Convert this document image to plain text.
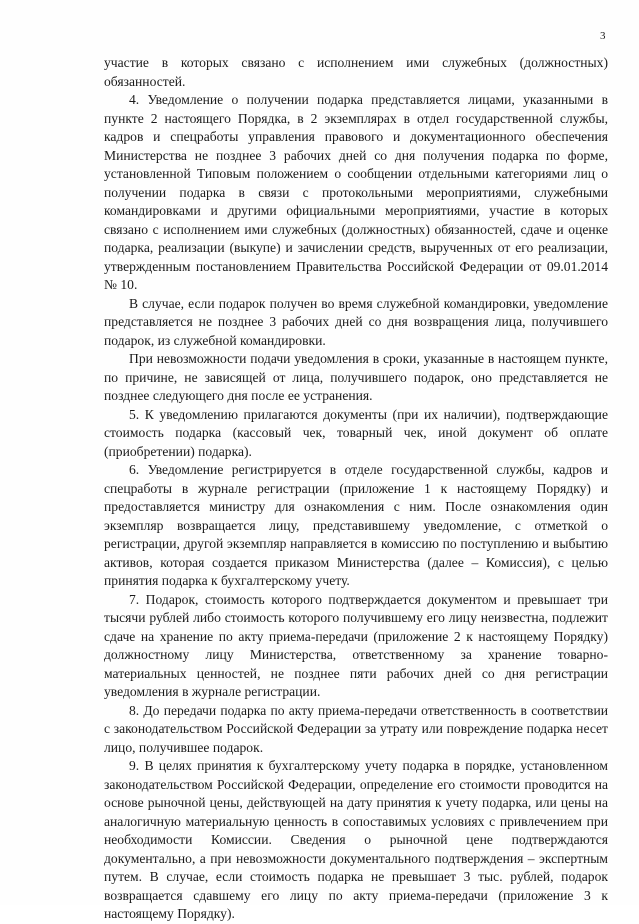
3

участие в которых связано с исполнением ими служебных (должностных) обязанностей.

4. Уведомление о получении подарка представляется лицами, указанными в пункте 2 настоящего Порядка, в 2 экземплярах в отдел государственной службы, кадров и спецработы управления правового и документационного обеспечения Министерства не позднее 3 рабочих дней со дня получения подарка по форме, установленной Типовым положением о сообщении отдельными категориями лиц о получении подарка в связи с протокольными мероприятиями, служебными командировками и другими официальными мероприятиями, участие в которых связано с исполнением ими служебных (должностных) обязанностей, сдаче и оценке подарка, реализации (выкупе) и зачислении средств, вырученных от его реализации, утвержденным постановлением Правительства Российской Федерации от 09.01.2014 № 10.

В случае, если подарок получен во время служебной командировки, уведомление представляется не позднее 3 рабочих дней со дня возвращения лица, получившего подарок, из служебной командировки.

При невозможности подачи уведомления в сроки, указанные в настоящем пункте, по причине, не зависящей от лица, получившего подарок, оно представляется не позднее следующего дня после ее устранения.

5. К уведомлению прилагаются документы (при их наличии), подтверждающие стоимость подарка (кассовый чек, товарный чек, иной документ об оплате (приобретении) подарка).

6. Уведомление регистрируется в отделе государственной службы, кадров и спецработы в журнале регистрации (приложение 1 к настоящему Порядку) и предоставляется министру для ознакомления с ним. После ознакомления один экземпляр возвращается лицу, представившему уведомление, с отметкой о регистрации, другой экземпляр направляется в комиссию по поступлению и выбытию активов, которая создается приказом Министерства (далее – Комиссия), с целью принятия подарка к бухгалтерскому учету.

7. Подарок, стоимость которого подтверждается документом и превышает три тысячи рублей либо стоимость которого получившему его лицу неизвестна, подлежит сдаче на хранение по акту приема-передачи (приложение 2 к настоящему Порядку) должностному лицу Министерства, ответственному за хранение товарно-материальных ценностей, не позднее пяти рабочих дней со дня регистрации уведомления в журнале регистрации.

8. До передачи подарка по акту приема-передачи ответственность в соответствии с законодательством Российской Федерации за утрату или повреждение подарка несет лицо, получившее подарок.

9. В целях принятия к бухгалтерскому учету подарка в порядке, установленном законодательством Российской Федерации, определение его стоимости проводится на основе рыночной цены, действующей на дату принятия к учету подарка, или цены на аналогичную материальную ценность в сопоставимых условиях с привлечением при необходимости Комиссии. Сведения о рыночной цене подтверждаются документально, а при невозможности документального подтверждения – экспертным путем. В случае, если стоимость подарка не превышает 3 тыс. рублей, подарок возвращается сдавшему его лицу по акту приема-передачи (приложение 3 к настоящему Порядку).
